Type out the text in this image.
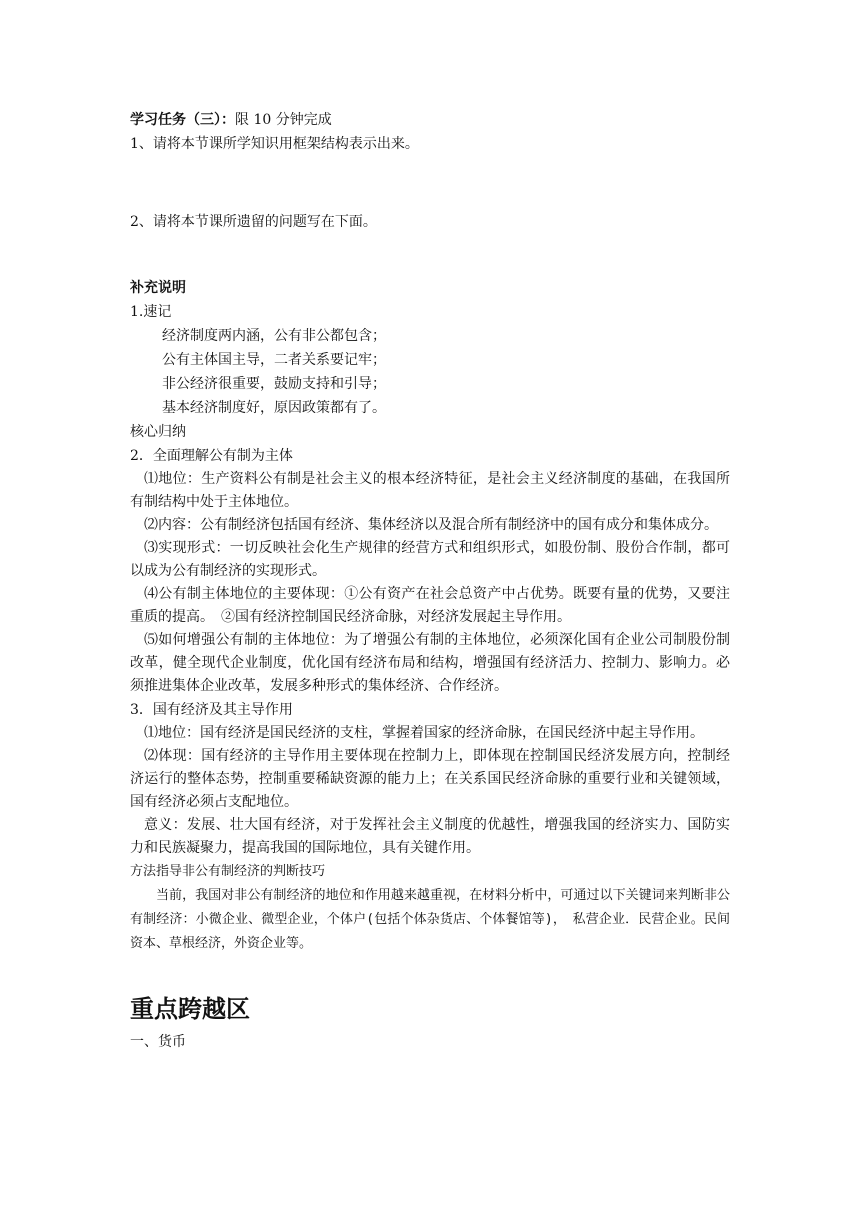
学习任务（三）：限 10 分钟完成
1、请将本节课所学知识用框架结构表示出来。
2、请将本节课所遗留的问题写在下面。
补充说明
1.速记
经济制度两内涵，公有非公都包含；
公有主体国主导，二者关系要记牢；
非公经济很重要，鼓励支持和引导；
基本经济制度好，原因政策都有了。
核心归纳
2．全面理解公有制为主体

⑴地位：生产资料公有制是社会主义的根本经济特征，是社会主义经济制度的基础，在我国所有制结构中处于主体地位。

⑵内容：公有制经济包括国有经济、集体经济以及混合所有制经济中的国有成分和集体成分。

⑶实现形式：一切反映社会化生产规律的经营方式和组织形式，如股份制、股份合作制，都可以成为公有制经济的实现形式。

⑷公有制主体地位的主要体现：①公有资产在社会总资产中占优势。既要有量的优势，又要注重质的提高。　②国有经济控制国民经济命脉，对经济发展起主导作用。

⑸如何增强公有制的主体地位：为了增强公有制的主体地位，必须深化国有企业公司制股份制改革，健全现代企业制度，优化国有经济布局和结构，增强国有经济活力、控制力、影响力。必须推进集体企业改革，发展多种形式的集体经济、合作经济。

3．国有经济及其主导作用

⑴地位：国有经济是国民经济的支柱，掌握着国家的经济命脉，在国民经济中起主导作用。

⑵体现：国有经济的主导作用主要体现在控制力上，即体现在控制国民经济发展方向，控制经济运行的整体态势，控制重要稀缺资源的能力上；在关系国民经济命脉的重要行业和关键领域，国有经济必须占支配地位。

意义：发展、壮大国有经济，对于发挥社会主义制度的优越性，增强我国的经济实力、国防实力和民族凝聚力，提高我国的国际地位，具有关键作用。

方法指导非公有制经济的判断技巧

当前，我国对非公有制经济的地位和作用越来越重视，在材料分析中，可通过以下关键词来判断非公有制经济：小微企业、微型企业，个体户(包括个体杂货店、个体餐馆等)，　私营企业．民营企业。民间资本、草根经济，外资企业等。

重点跨越区
一、货币
